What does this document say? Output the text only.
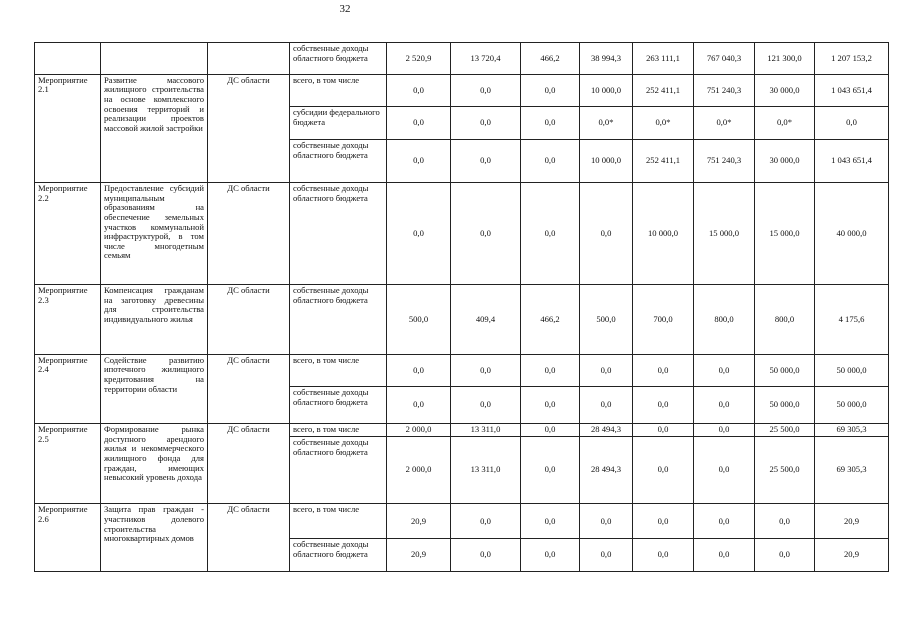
32
			собственные доходы областного бюджета	2 520,9	13 720,4	466,2	38 994,3	263 111,1	767 040,3	121 300,0	1 207 153,2
Мероприятие 2.1	Развитие массового жилищного строительства на основе комплексного освоения территорий и реализации проектов массовой жилой застройки	ДС области	всего, в том числе	0,0	0,0	0,0	10 000,0	252 411,1	751 240,3	30 000,0	1 043 651,4
			субсидии федерального бюджета	0,0	0,0	0,0	0,0*	0,0*	0,0*	0,0*	0,0
			собственные доходы областного бюджета	0,0	0,0	0,0	10 000,0	252 411,1	751 240,3	30 000,0	1 043 651,4
Мероприятие 2.2	Предоставление субсидий муниципальным образованиям на обеспечение земельных участков коммунальной инфраструктурой, в том числе многодетным семьям	ДС области	собственные доходы областного бюджета	0,0	0,0	0,0	0,0	10 000,0	15 000,0	15 000,0	40 000,0
Мероприятие 2.3	Компенсация гражданам на заготовку древесины для строительства индивидуального жилья	ДС области	собственные доходы областного бюджета	500,0	409,4	466,2	500,0	700,0	800,0	800,0	4 175,6
Мероприятие 2.4	Содействие развитию ипотечного жилищного кредитования на территории области	ДС области	всего, в том числе	0,0	0,0	0,0	0,0	0,0	0,0	50 000,0	50 000,0
			собственные доходы областного бюджета	0,0	0,0	0,0	0,0	0,0	0,0	50 000,0	50 000,0
Мероприятие 2.5	Формирование рынка доступного арендного жилья и некоммерческого жилищного фонда для граждан, имеющих невысокий уровень дохода	ДС области	всего, в том числе	2 000,0	13 311,0	0,0	28 494,3	0,0	0,0	25 500,0	69 305,3
			собственные доходы областного бюджета	2 000,0	13 311,0	0,0	28 494,3	0,0	0,0	25 500,0	69 305,3
Мероприятие 2.6	Защита прав граждан - участников долевого строительства многоквартирных домов	ДС области	всего, в том числе	20,9	0,0	0,0	0,0	0,0	0,0	0,0	20,9
			собственные доходы областного бюджета	20,9	0,0	0,0	0,0	0,0	0,0	0,0	20,9
